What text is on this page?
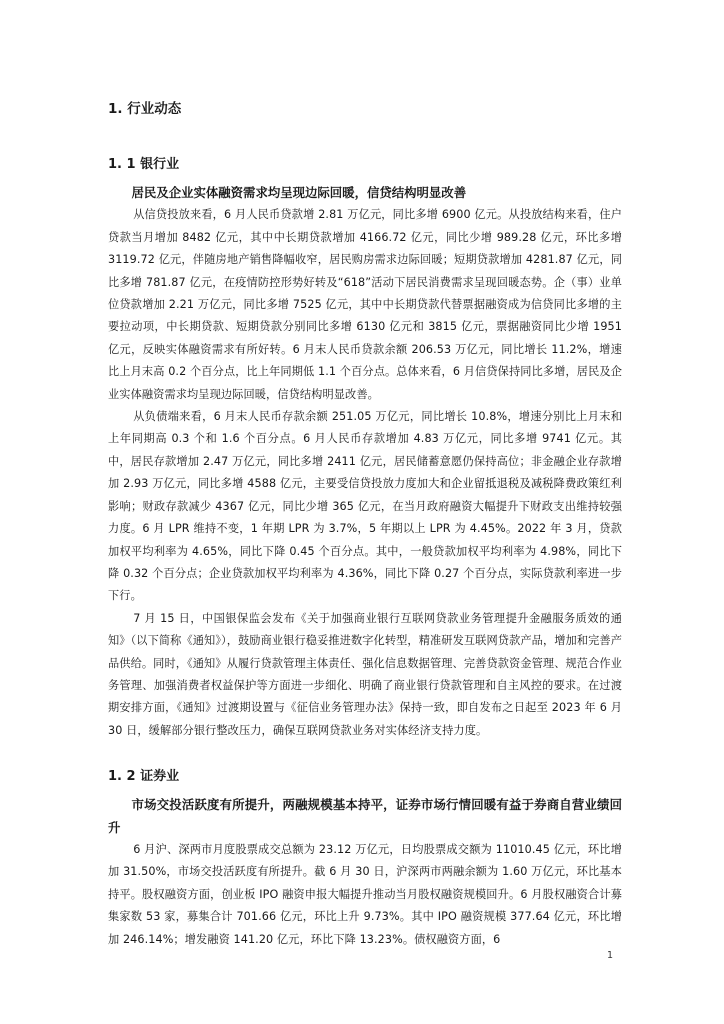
1. 行业动态
1. 1 银行业

居民及企业实体融资需求均呈现边际回暖，信贷结构明显改善

从信贷投放来看，6 月人民币贷款增 2.81 万亿元，同比多增 6900 亿元。从投放结构来看，住户贷款当月增加 8482 亿元，其中中长期贷款增加 4166.72 亿元，同比少增 989.28 亿元，环比多增 3119.72 亿元，伴随房地产销售降幅收窄，居民购房需求边际回暖；短期贷款增加 4281.87 亿元，同比多增 781.87 亿元，在疫情防控形势好转及“618”活动下居民消费需求呈现回暖态势。企（事）业单位贷款增加 2.21 万亿元，同比多增 7525 亿元，其中中长期贷款代替票据融资成为信贷同比多增的主要拉动项，中长期贷款、短期贷款分别同比多增 6130 亿元和 3815 亿元，票据融资同比少增 1951 亿元，反映实体融资需求有所好转。6 月末人民币贷款余额 206.53 万亿元，同比增长 11.2%，增速比上月末高 0.2 个百分点，比上年同期低 1.1 个百分点。总体来看，6 月信贷保持同比多增，居民及企业实体融资需求均呈现边际回暖，信贷结构明显改善。

从负债端来看，6 月末人民币存款余额 251.05 万亿元，同比增长 10.8%，增速分别比上月末和上年同期高 0.3 个和 1.6 个百分点。6 月人民币存款增加 4.83 万亿元，同比多增 9741 亿元。其中，居民存款增加 2.47 万亿元，同比多增 2411 亿元，居民储蓄意愿仍保持高位；非金融企业存款增加 2.93 万亿元，同比多增 4588 亿元，主要受信贷投放力度加大和企业留抵退税及减税降费政策红利影响；财政存款减少 4367 亿元，同比少增 365 亿元，在当月政府融资大幅提升下财政支出维持较强力度。6 月 LPR 维持不变，1 年期 LPR 为 3.7%，5 年期以上 LPR 为 4.45%。2022 年 3 月，贷款加权平均利率为 4.65%，同比下降 0.45 个百分点。其中，一般贷款加权平均利率为 4.98%，同比下降 0.32 个百分点；企业贷款加权平均利率为 4.36%，同比下降 0.27 个百分点，实际贷款利率进一步下行。

7 月 15 日，中国银保监会发布《关于加强商业银行互联网贷款业务管理提升金融服务质效的通知》（以下简称《通知》），鼓励商业银行稳妥推进数字化转型，精准研发互联网贷款产品，增加和完善产品供给。同时，《通知》从履行贷款管理主体责任、强化信息数据管理、完善贷款资金管理、规范合作业务管理、加强消费者权益保护等方面进一步细化、明确了商业银行贷款管理和自主风控的要求。在过渡期安排方面，《通知》过渡期设置与《征信业务管理办法》保持一致，即自发布之日起至 2023 年 6 月 30 日，缓解部分银行整改压力，确保互联网贷款业务对实体经济支持力度。

1. 2 证券业

市场交投活跃度有所提升，两融规模基本持平，证券市场行情回暖有益于券商自营业绩回升

6 月沪、深两市月度股票成交总额为 23.12 万亿元，日均股票成交额为 11010.45 亿元，环比增加 31.50%，市场交投活跃度有所提升。截 6 月 30 日，沪深两市两融余额为 1.60 万亿元，环比基本持平。股权融资方面，创业板 IPO 融资申报大幅提升推动当月股权融资规模回升。6 月股权融资合计募集家数 53 家，募集合计 701.66 亿元，环比上升 9.73%。其中 IPO 融资规模 377.64 亿元，环比增加 246.14%；增发融资 141.20 亿元，环比下降 13.23%。债权融资方面，6

1
